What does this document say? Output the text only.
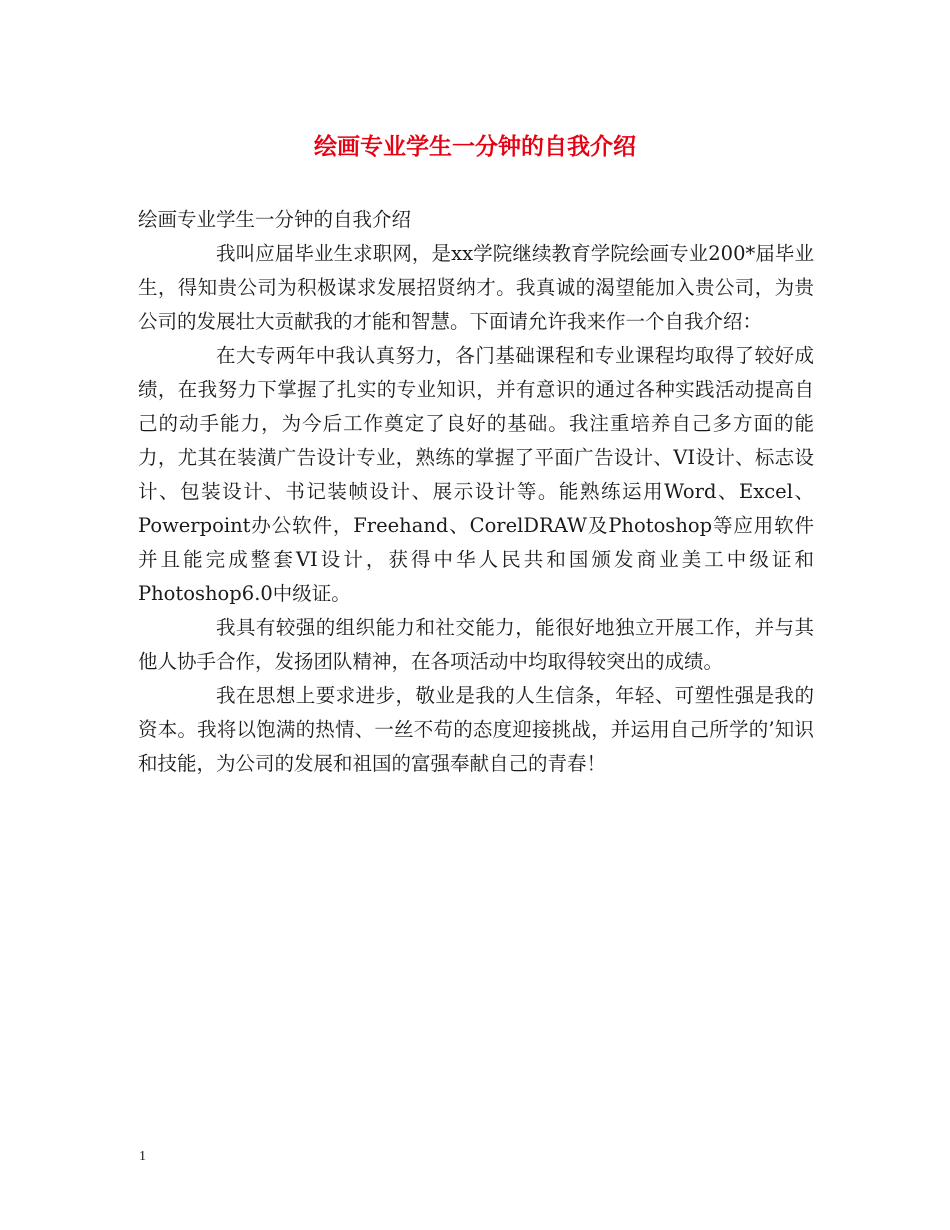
绘画专业学生一分钟的自我介绍

绘画专业学生一分钟的自我介绍

我叫应届毕业生求职网，是xx学院继续教育学院绘画专业200*届毕业生，得知贵公司为积极谋求发展招贤纳才。我真诚的渴望能加入贵公司，为贵公司的发展壮大贡献我的才能和智慧。下面请允许我来作一个自我介绍：

在大专两年中我认真努力，各门基础课程和专业课程均取得了较好成绩，在我努力下掌握了扎实的专业知识，并有意识的通过各种实践活动提高自己的动手能力，为今后工作奠定了良好的基础。我注重培养自己多方面的能力，尤其在装潢广告设计专业，熟练的掌握了平面广告设计、VI设计、标志设计、包装设计、书记装帧设计、展示设计等。能熟练运用Word、Excel、Powerpoint办公软件，Freehand、CorelDRAW及Photoshop等应用软件并且能完成整套VI设计，获得中华人民共和国颁发商业美工中级证和Photoshop6.0中级证。

我具有较强的组织能力和社交能力，能很好地独立开展工作，并与其他人协手合作，发扬团队精神，在各项活动中均取得较突出的成绩。

我在思想上要求进步，敬业是我的人生信条，年轻、可塑性强是我的资本。我将以饱满的热情、一丝不苟的态度迎接挑战，并运用自己所学的’知识和技能，为公司的发展和祖国的富强奉献自己的青春！

1
